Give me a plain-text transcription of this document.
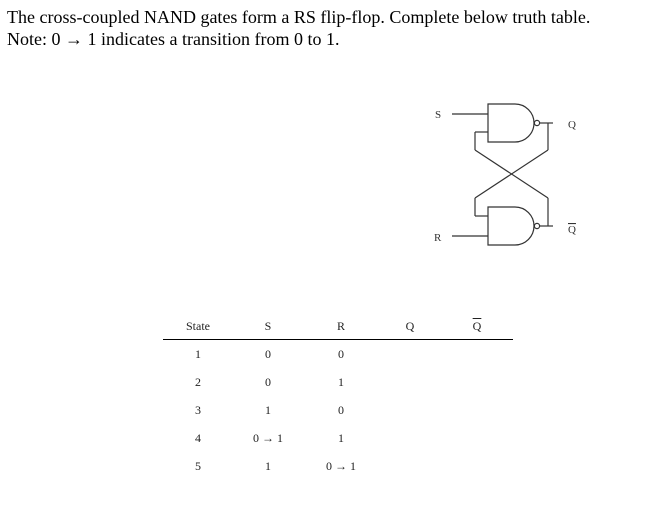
The cross-coupled NAND gates form a RS flip-flop. Complete below truth table.
Note: 0 → 1 indicates a transition from 0 to 1.
S
R
Q
Q
State	S	R	Q	$\overline{Q}$
1	0	0		
2	0	1		
3	1	0		
4	0 → 1	1		
5	1	0 → 1		
